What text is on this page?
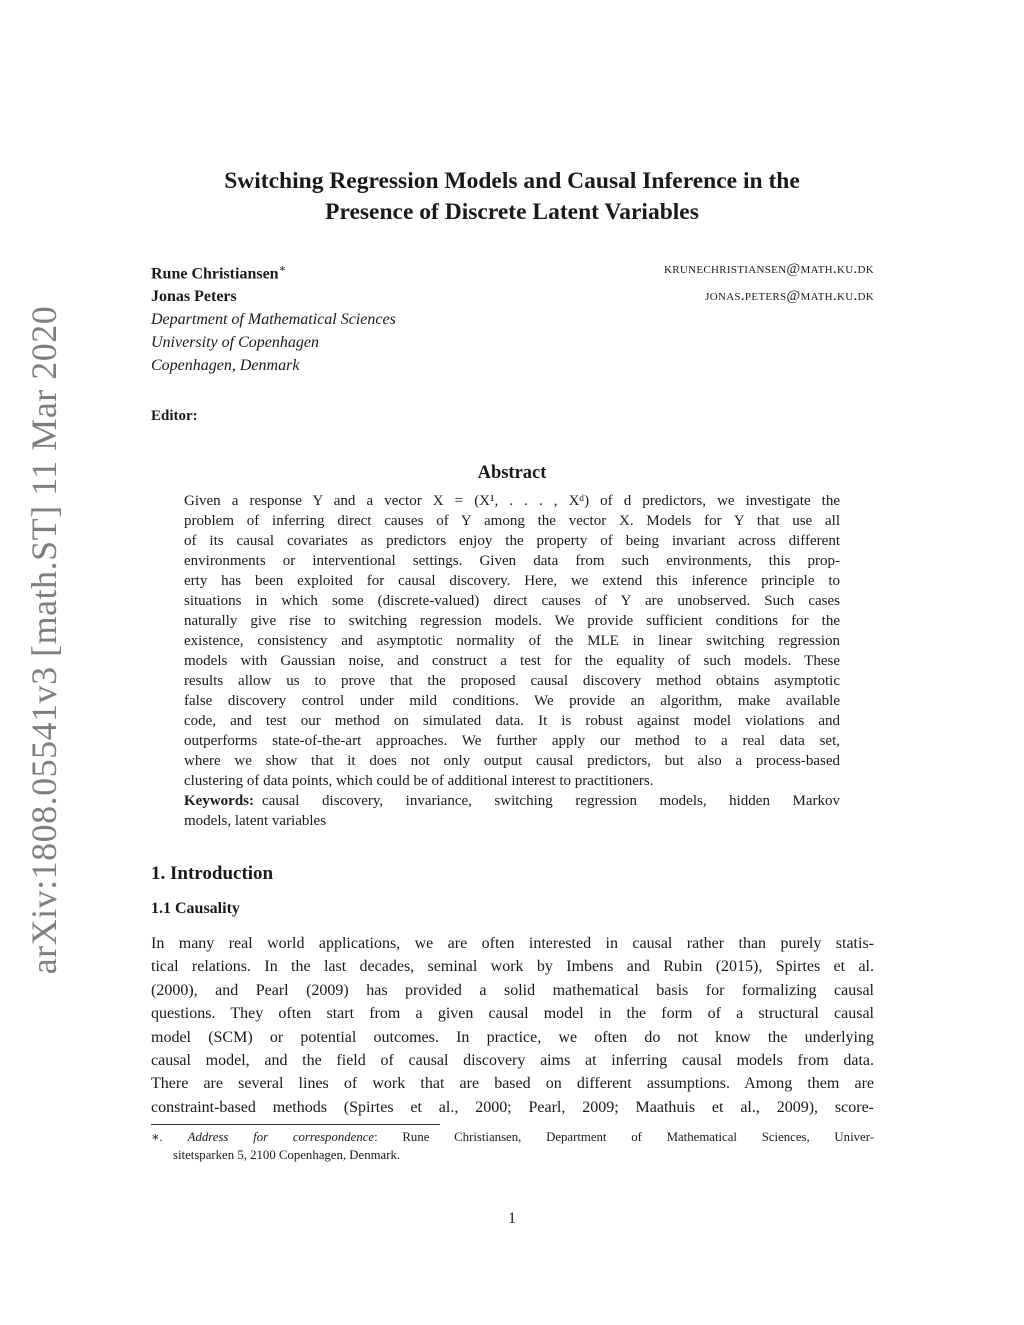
arXiv:1808.05541v3 [math.ST] 11 Mar 2020
Switching Regression Models and Causal Inference in the
Presence of Discrete Latent Variables
Rune Christiansen∗	krunechristiansen@math.ku.dk
Jonas Peters	jonas.peters@math.ku.dk
Department of Mathematical Sciences
University of Copenhagen
Copenhagen, Denmark
Editor:
Abstract
Given a response Y and a vector X = (X¹, . . . , Xᵈ) of d predictors, we investigate the
problem of inferring direct causes of Y among the vector X. Models for Y that use all
of its causal covariates as predictors enjoy the property of being invariant across different
environments or interventional settings. Given data from such environments, this prop-
erty has been exploited for causal discovery. Here, we extend this inference principle to
situations in which some (discrete-valued) direct causes of Y are unobserved. Such cases
naturally give rise to switching regression models. We provide sufficient conditions for the
existence, consistency and asymptotic normality of the MLE in linear switching regression
models with Gaussian noise, and construct a test for the equality of such models. These
results allow us to prove that the proposed causal discovery method obtains asymptotic
false discovery control under mild conditions. We provide an algorithm, make available
code, and test our method on simulated data. It is robust against model violations and
outperforms state-of-the-art approaches. We further apply our method to a real data set,
where we show that it does not only output causal predictors, but also a process-based
clustering of data points, which could be of additional interest to practitioners.
Keywords: causal discovery, invariance, switching regression models, hidden Markov
models, latent variables
1. Introduction
1.1 Causality
In many real world applications, we are often interested in causal rather than purely statis-
tical relations. In the last decades, seminal work by Imbens and Rubin (2015), Spirtes et al.
(2000), and Pearl (2009) has provided a solid mathematical basis for formalizing causal
questions. They often start from a given causal model in the form of a structural causal
model (SCM) or potential outcomes. In practice, we often do not know the underlying
causal model, and the field of causal discovery aims at inferring causal models from data.
There are several lines of work that are based on different assumptions. Among them are
constraint-based methods (Spirtes et al., 2000; Pearl, 2009; Maathuis et al., 2009), score-
∗. Address for correspondence: Rune Christiansen, Department of Mathematical Sciences, Univer-
sitetsparken 5, 2100 Copenhagen, Denmark.
1
